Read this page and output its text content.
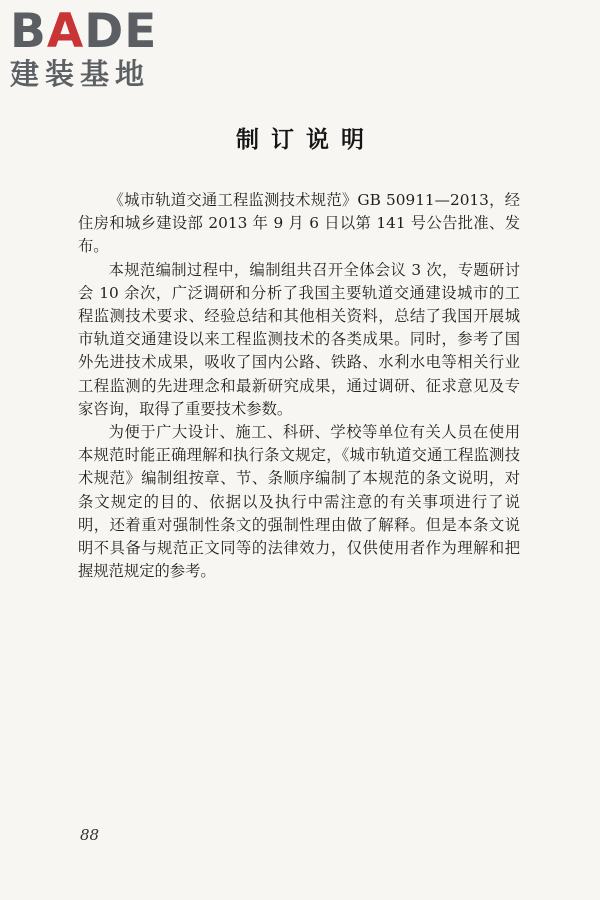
BADE
建装基地
制订说明

《城市轨道交通工程监测技术规范》GB 50911—2013，经住房和城乡建设部 2013 年 9 月 6 日以第 141 号公告批准、发布。

本规范编制过程中，编制组共召开全体会议 3 次，专题研讨会 10 余次，广泛调研和分析了我国主要轨道交通建设城市的工程监测技术要求、经验总结和其他相关资料，总结了我国开展城市轨道交通建设以来工程监测技术的各类成果。同时，参考了国外先进技术成果，吸收了国内公路、铁路、水利水电等相关行业工程监测的先进理念和最新研究成果，通过调研、征求意见及专家咨询，取得了重要技术参数。

为便于广大设计、施工、科研、学校等单位有关人员在使用本规范时能正确理解和执行条文规定，《城市轨道交通工程监测技术规范》编制组按章、节、条顺序编制了本规范的条文说明，对条文规定的目的、依据以及执行中需注意的有关事项进行了说明，还着重对强制性条文的强制性理由做了解释。但是本条文说明不具备与规范正文同等的法律效力，仅供使用者作为理解和把握规范规定的参考。

88
